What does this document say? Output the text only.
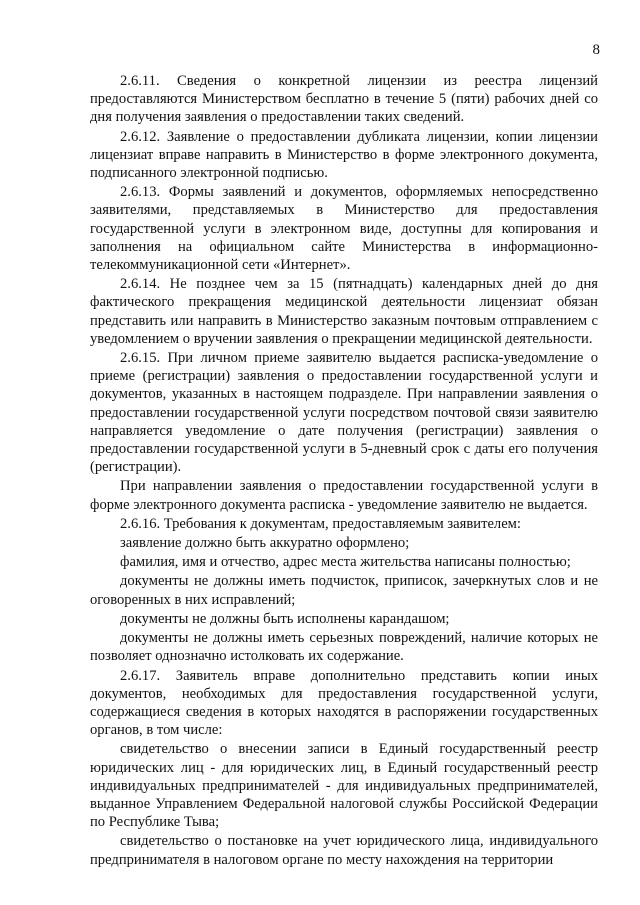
8

2.6.11. Сведения о конкретной лицензии из реестра лицензий предоставляются Министерством бесплатно в течение 5 (пяти) рабочих дней со дня получения заявления о предоставлении таких сведений.

2.6.12. Заявление о предоставлении дубликата лицензии, копии лицензии лицензиат вправе направить в Министерство в форме электронного документа, подписанного электронной подписью.

2.6.13. Формы заявлений и документов, оформляемых непосредственно заявителями, представляемых в Министерство для предоставления государственной услуги в электронном виде, доступны для копирования и заполнения на официальном сайте Министерства в информационно-телекоммуникационной сети «Интернет».

2.6.14. Не позднее чем за 15 (пятнадцать) календарных дней до дня фактического прекращения медицинской деятельности лицензиат обязан представить или направить в Министерство заказным почтовым отправлением с уведомлением о вручении заявления о прекращении медицинской деятельности.

2.6.15. При личном приеме заявителю выдается расписка-уведомление о приеме (регистрации) заявления о предоставлении государственной услуги и документов, указанных в настоящем подразделе. При направлении заявления о предоставлении государственной услуги посредством почтовой связи заявителю направляется уведомление о дате получения (регистрации) заявления о предоставлении государственной услуги в 5-дневный срок с даты его получения (регистрации).

При направлении заявления о предоставлении государственной услуги в форме электронного документа расписка - уведомление заявителю не выдается.

2.6.16. Требования к документам, предоставляемым заявителем:

заявление должно быть аккуратно оформлено;

фамилия, имя и отчество, адрес места жительства написаны полностью;

документы не должны иметь подчисток, приписок, зачеркнутых слов и не оговоренных в них исправлений;

документы не должны быть исполнены карандашом;

документы не должны иметь серьезных повреждений, наличие которых не позволяет однозначно истолковать их содержание.

2.6.17. Заявитель вправе дополнительно представить копии иных документов, необходимых для предоставления государственной услуги, содержащиеся сведения в которых находятся в распоряжении государственных органов, в том числе:

свидетельство о внесении записи в Единый государственный реестр юридических лиц - для юридических лиц, в Единый государственный реестр индивидуальных предпринимателей - для индивидуальных предпринимателей, выданное Управлением Федеральной налоговой службы Российской Федерации по Республике Тыва;

свидетельство о постановке на учет юридического лица, индивидуального предпринимателя в налоговом органе по месту нахождения на территории
